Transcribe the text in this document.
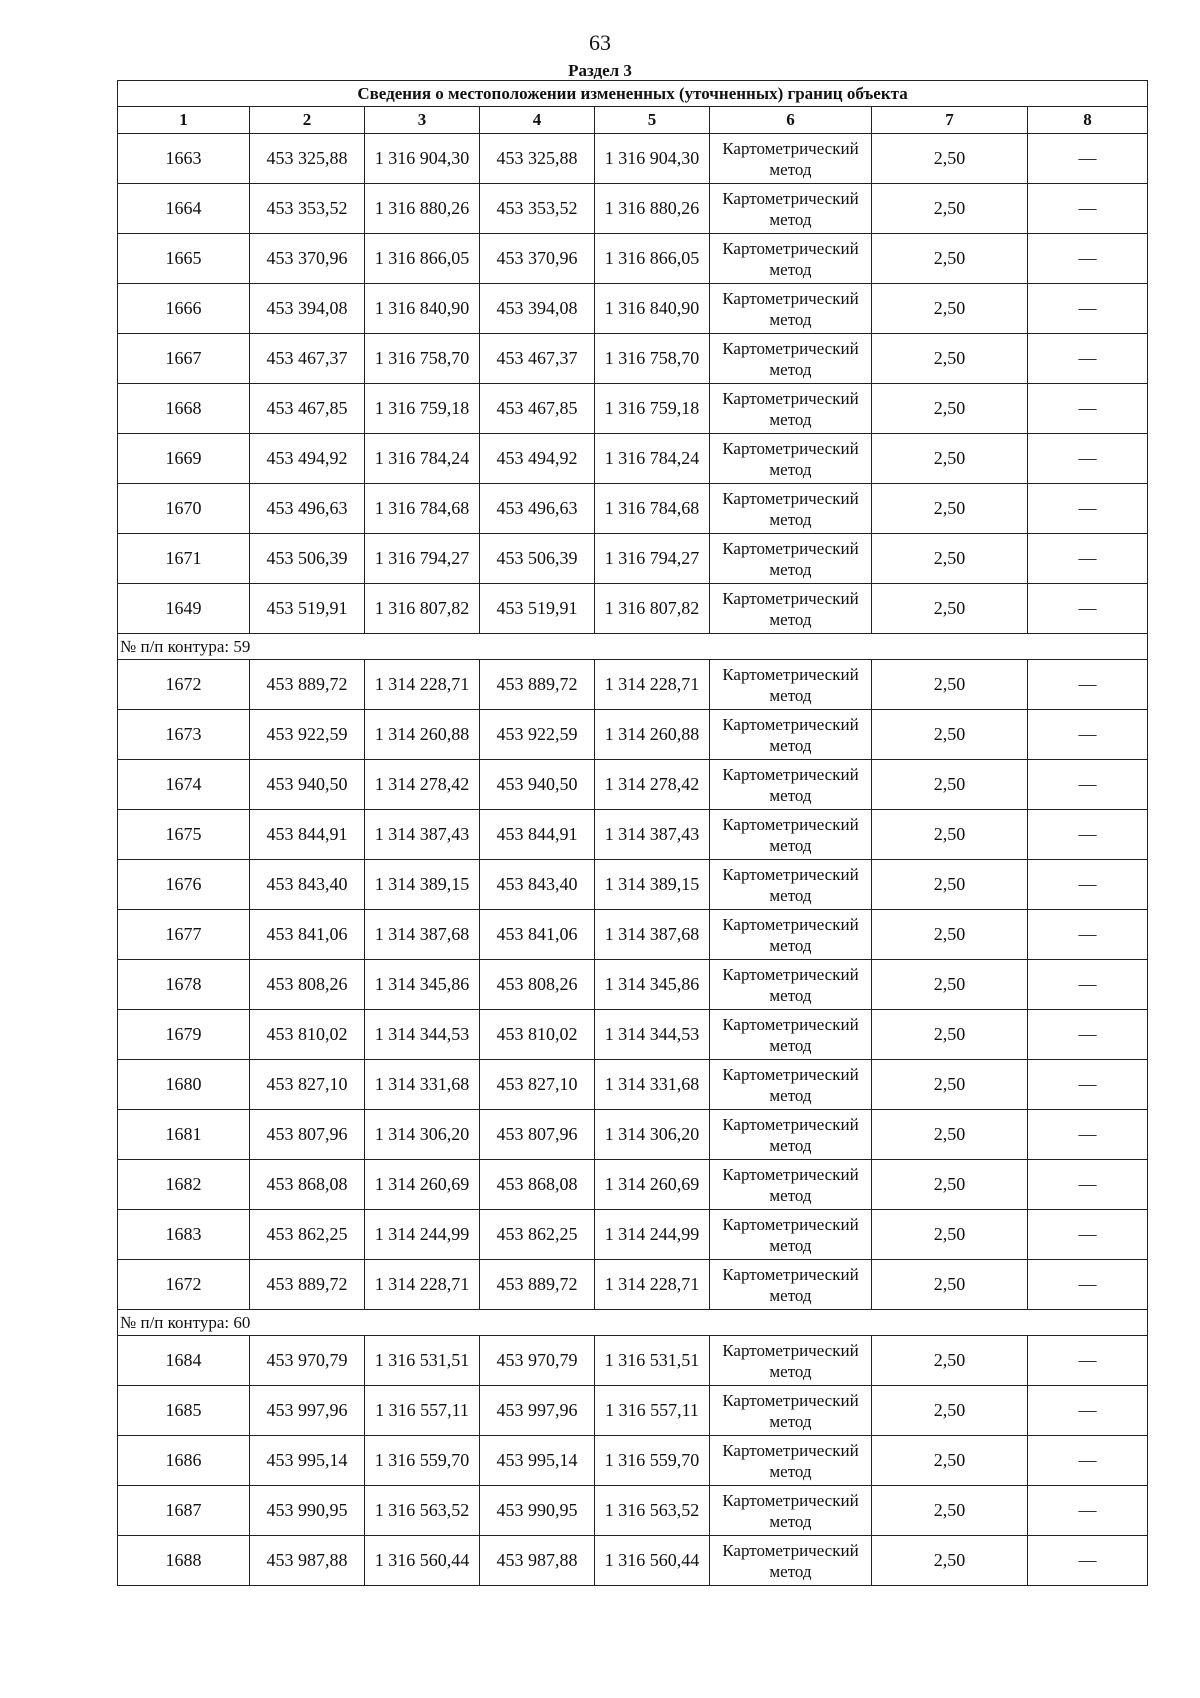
63
Раздел 3
Сведения о местоположении измененных (уточненных) границ объекта							
1	2	3	4	5	6	7	8
1663	453 325,88	1 316 904,30	453 325,88	1 316 904,30	Картометрический метод	2,50	—
1664	453 353,52	1 316 880,26	453 353,52	1 316 880,26	Картометрический метод	2,50	—
1665	453 370,96	1 316 866,05	453 370,96	1 316 866,05	Картометрический метод	2,50	—
1666	453 394,08	1 316 840,90	453 394,08	1 316 840,90	Картометрический метод	2,50	—
1667	453 467,37	1 316 758,70	453 467,37	1 316 758,70	Картометрический метод	2,50	—
1668	453 467,85	1 316 759,18	453 467,85	1 316 759,18	Картометрический метод	2,50	—
1669	453 494,92	1 316 784,24	453 494,92	1 316 784,24	Картометрический метод	2,50	—
1670	453 496,63	1 316 784,68	453 496,63	1 316 784,68	Картометрический метод	2,50	—
1671	453 506,39	1 316 794,27	453 506,39	1 316 794,27	Картометрический метод	2,50	—
1649	453 519,91	1 316 807,82	453 519,91	1 316 807,82	Картометрический метод	2,50	—
№ п/п контура: 59							
1672	453 889,72	1 314 228,71	453 889,72	1 314 228,71	Картометрический метод	2,50	—
1673	453 922,59	1 314 260,88	453 922,59	1 314 260,88	Картометрический метод	2,50	—
1674	453 940,50	1 314 278,42	453 940,50	1 314 278,42	Картометрический метод	2,50	—
1675	453 844,91	1 314 387,43	453 844,91	1 314 387,43	Картометрический метод	2,50	—
1676	453 843,40	1 314 389,15	453 843,40	1 314 389,15	Картометрический метод	2,50	—
1677	453 841,06	1 314 387,68	453 841,06	1 314 387,68	Картометрический метод	2,50	—
1678	453 808,26	1 314 345,86	453 808,26	1 314 345,86	Картометрический метод	2,50	—
1679	453 810,02	1 314 344,53	453 810,02	1 314 344,53	Картометрический метод	2,50	—
1680	453 827,10	1 314 331,68	453 827,10	1 314 331,68	Картометрический метод	2,50	—
1681	453 807,96	1 314 306,20	453 807,96	1 314 306,20	Картометрический метод	2,50	—
1682	453 868,08	1 314 260,69	453 868,08	1 314 260,69	Картометрический метод	2,50	—
1683	453 862,25	1 314 244,99	453 862,25	1 314 244,99	Картометрический метод	2,50	—
1672	453 889,72	1 314 228,71	453 889,72	1 314 228,71	Картометрический метод	2,50	—
№ п/п контура: 60							
1684	453 970,79	1 316 531,51	453 970,79	1 316 531,51	Картометрический метод	2,50	—
1685	453 997,96	1 316 557,11	453 997,96	1 316 557,11	Картометрический метод	2,50	—
1686	453 995,14	1 316 559,70	453 995,14	1 316 559,70	Картометрический метод	2,50	—
1687	453 990,95	1 316 563,52	453 990,95	1 316 563,52	Картометрический метод	2,50	—
1688	453 987,88	1 316 560,44	453 987,88	1 316 560,44	Картометрический метод	2,50	—
